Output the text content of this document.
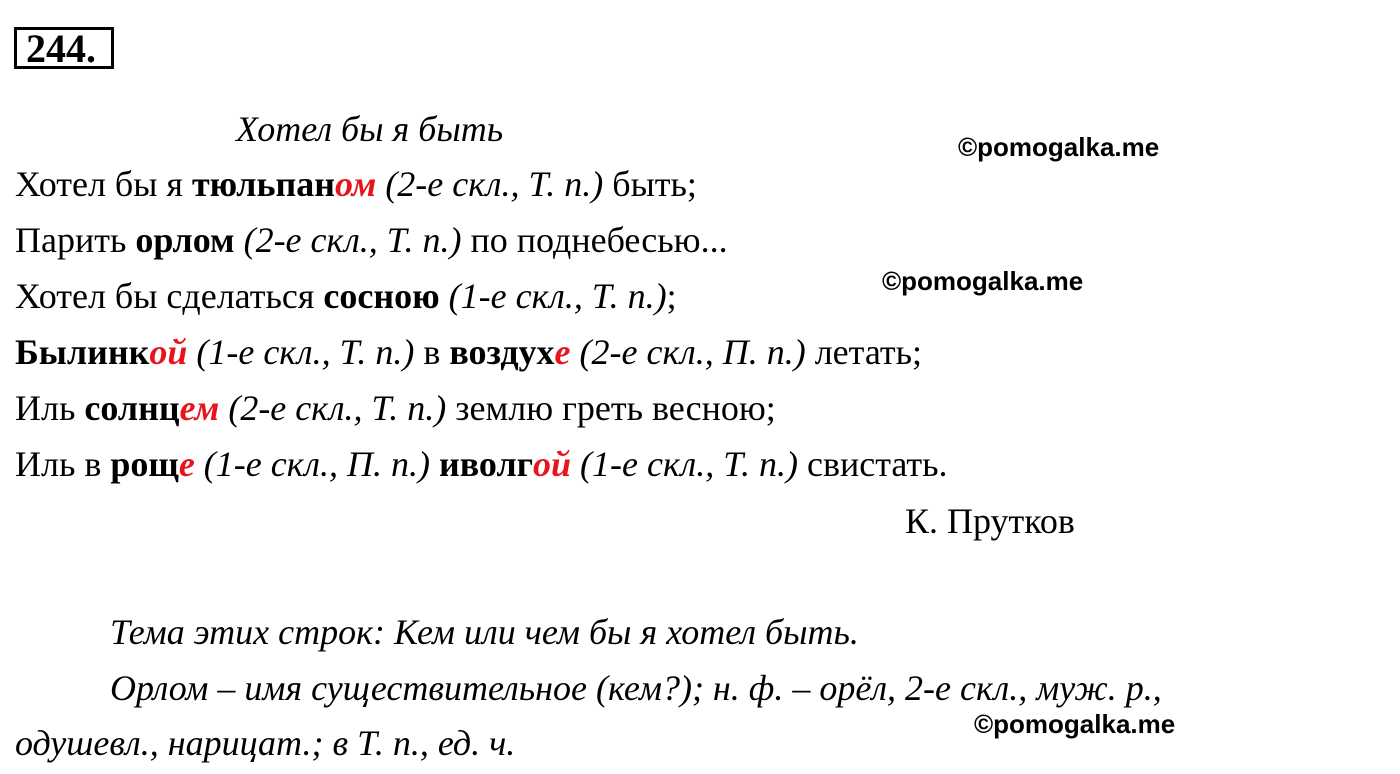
244.
Хотел бы я быть	©pomogalka.me
©pomogalka.me
©pomogalka.me
Хотел бы я тюльпаном (2-е скл., Т. п.) быть;
Парить орлом (2-е скл., Т. п.) по поднебесью...
Хотел бы сделаться сосною (1-е скл., Т. п.);
Былинкой (1-е скл., Т. п.) в воздухе (2-е скл., П. п.) летать;
Иль солнцем (2-е скл., Т. п.) землю греть весною;
Иль в роще (1-е скл., П. п.) иволгой (1-е скл., Т. п.) свистать.
К. Прутков
Тема этих строк: Кем или чем бы я хотел быть.
Орлом – имя существительное (кем?); н. ф. – орёл, 2-е скл., муж. р.,
одушевл., нарицат.; в Т. п., ед. ч.
